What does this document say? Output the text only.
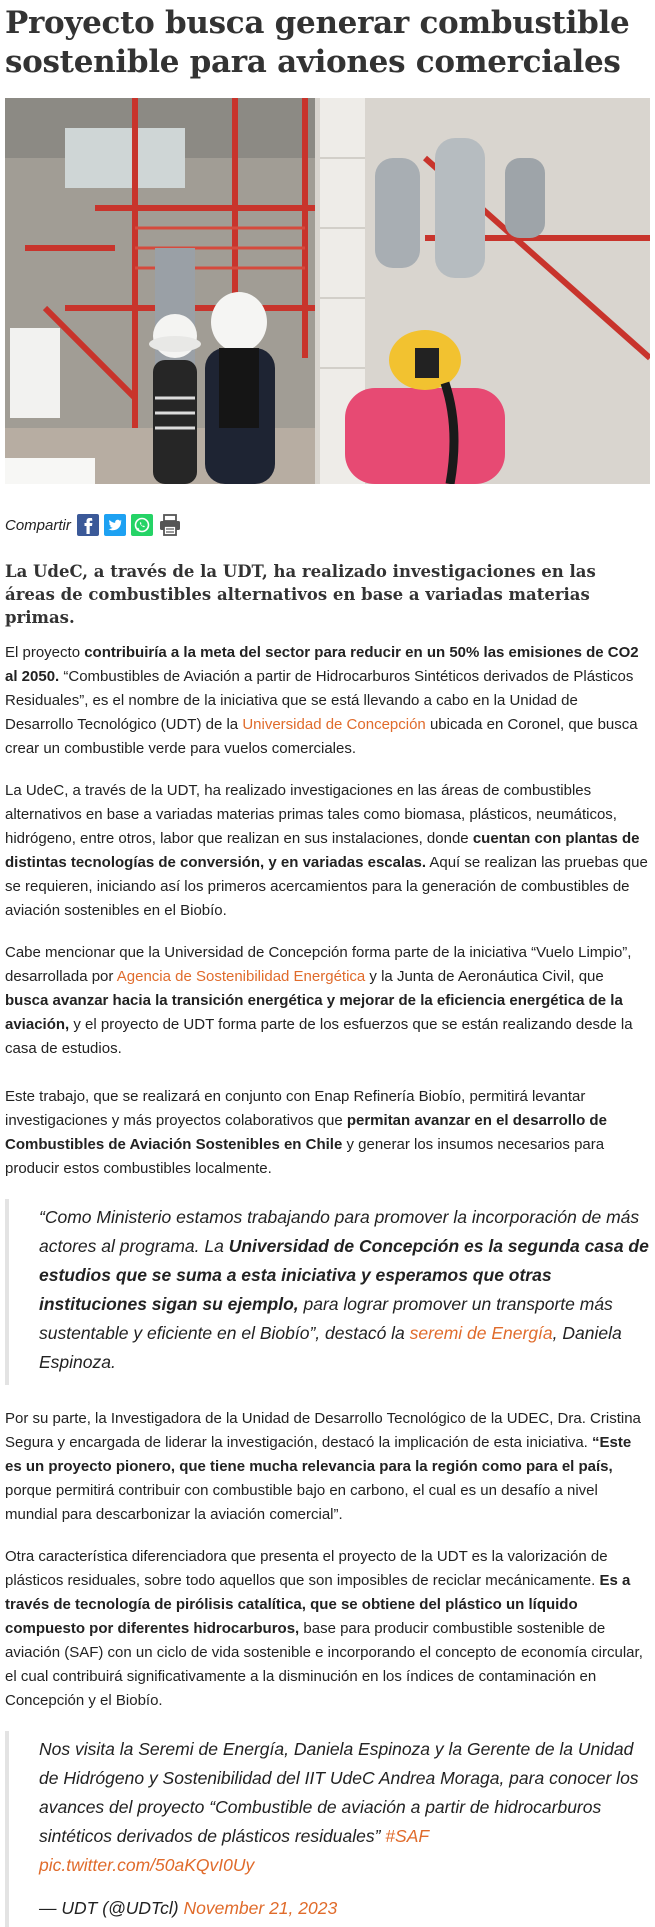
Proyecto busca generar combustible sostenible para aviones comerciales
Compartir

La UdeC, a través de la UDT, ha realizado investigaciones en las áreas de combustibles alternativos en base a variadas materias primas.

El proyecto contribuiría a la meta del sector para reducir en un 50% las emisiones de CO2 al 2050. “Combustibles de Aviación a partir de Hidrocarburos Sintéticos derivados de Plásticos Residuales”, es el nombre de la iniciativa que se está llevando a cabo en la Unidad de Desarrollo Tecnológico (UDT) de la Universidad de Concepción ubicada en Coronel, que busca crear un combustible verde para vuelos comerciales.

La UdeC, a través de la UDT, ha realizado investigaciones en las áreas de combustibles alternativos en base a variadas materias primas tales como biomasa, plásticos, neumáticos, hidrógeno, entre otros, labor que realizan en sus instalaciones, donde cuentan con plantas de distintas tecnologías de conversión, y en variadas escalas. Aquí se realizan las pruebas que se requieren, iniciando así los primeros acercamientos para la generación de combustibles de aviación sostenibles en el Biobío.

Cabe mencionar que la Universidad de Concepción forma parte de la iniciativa “Vuelo Limpio”, desarrollada por Agencia de Sostenibilidad Energética y la Junta de Aeronáutica Civil, que busca avanzar hacia la transición energética y mejorar de la eficiencia energética de la aviación, y el proyecto de UDT forma parte de los esfuerzos que se están realizando desde la casa de estudios.

Este trabajo, que se realizará en conjunto con Enap Refinería Biobío, permitirá levantar investigaciones y más proyectos colaborativos que permitan avanzar en el desarrollo de Combustibles de Aviación Sostenibles en Chile y generar los insumos necesarios para producir estos combustibles localmente.

“Como Ministerio estamos trabajando para promover la incorporación de más actores al programa. La Universidad de Concepción es la segunda casa de estudios que se suma a esta iniciativa y esperamos que otras instituciones sigan su ejemplo, para lograr promover un transporte más sustentable y eficiente en el Biobío”, destacó la seremi de Energía, Daniela Espinoza.

Por su parte, la Investigadora de la Unidad de Desarrollo Tecnológico de la UDEC, Dra. Cristina Segura y encargada de liderar la investigación, destacó la implicación de esta iniciativa. “Este es un proyecto pionero, que tiene mucha relevancia para la región como para el país, porque permitirá contribuir con combustible bajo en carbono, el cual es un desafío a nivel mundial para descarbonizar la aviación comercial”.

Otra característica diferenciadora que presenta el proyecto de la UDT es la valorización de plásticos residuales, sobre todo aquellos que son imposibles de reciclar mecánicamente. Es a través de tecnología de pirólisis catalítica, que se obtiene del plástico un líquido compuesto por diferentes hidrocarburos, base para producir combustible sostenible de aviación (SAF) con un ciclo de vida sostenible e incorporando el concepto de economía circular, el cual contribuirá significativamente a la disminución en los índices de contaminación en Concepción y el Biobío.

Nos visita la Seremi de Energía, Daniela Espinoza y la Gerente de la Unidad de Hidrógeno y Sostenibilidad del IIT UdeC Andrea Moraga, para conocer los avances del proyecto “Combustible de aviación a partir de hidrocarburos sintéticos derivados de plásticos residuales” #SAF
pic.twitter.com/50aKQvI0Uy
— UDT (@UDTcl) November 21, 2023
